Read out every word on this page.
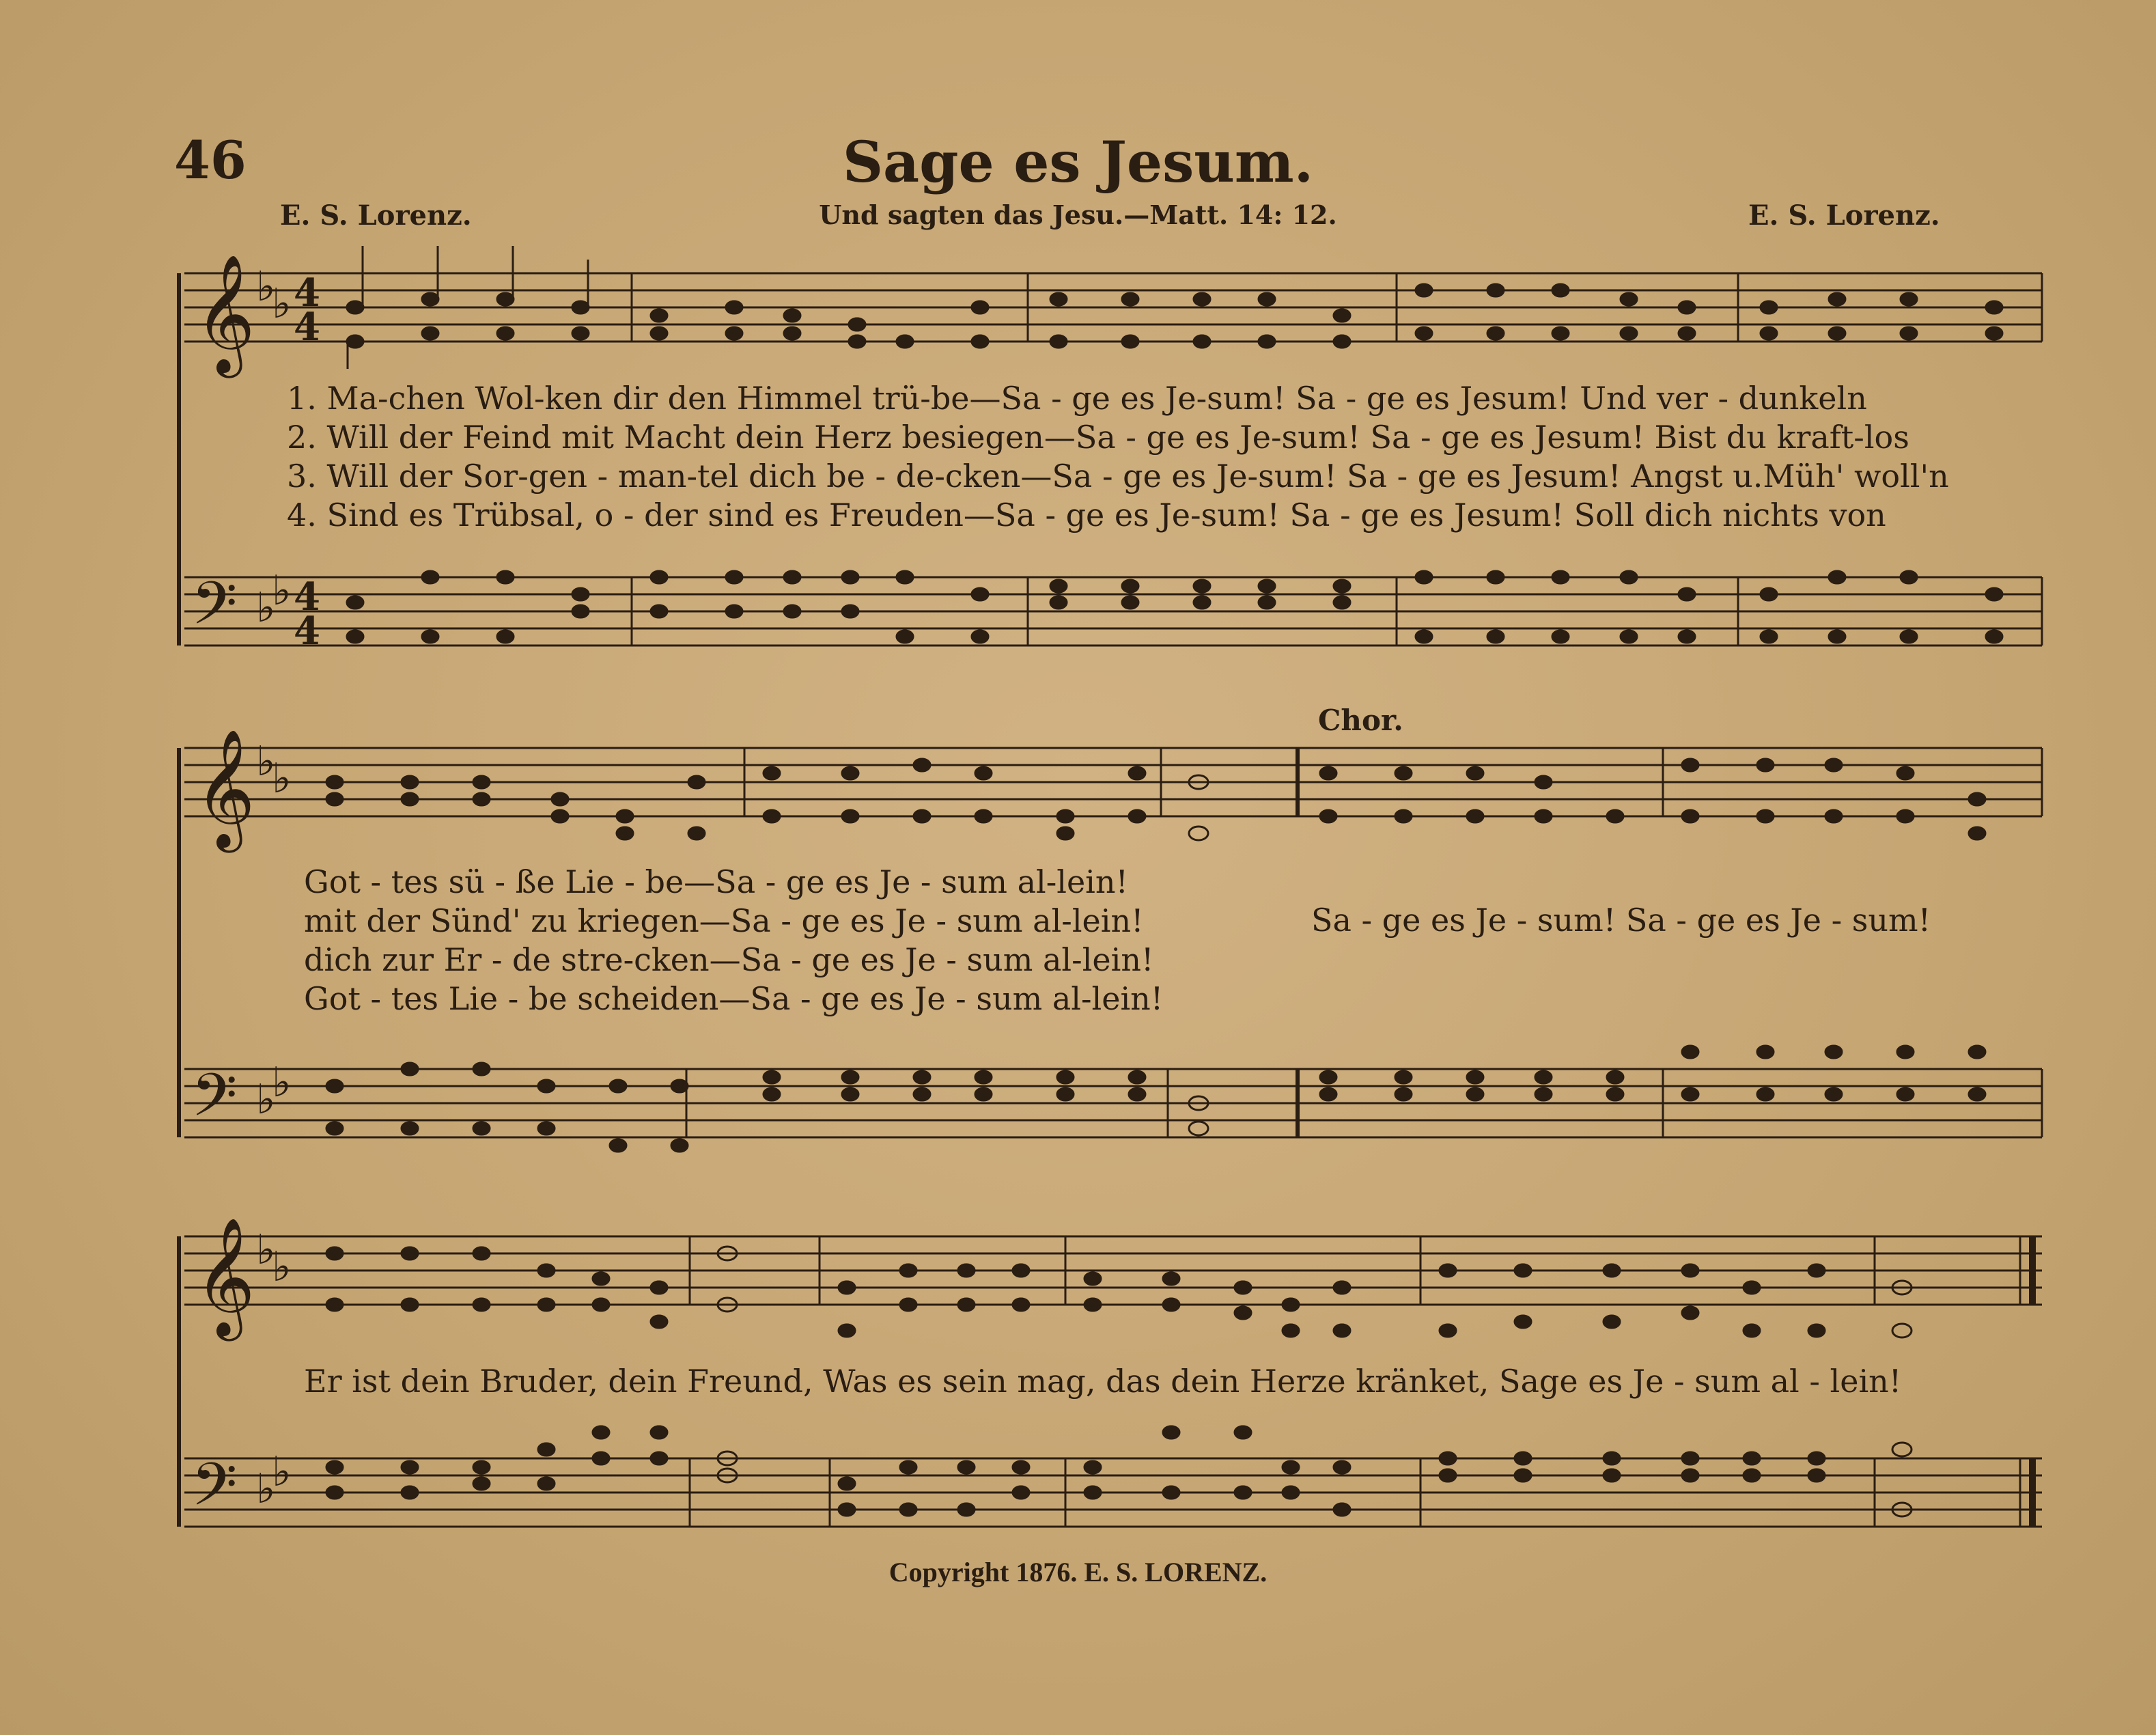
𝄞
𝄞
𝄞
𝄢
𝄢
𝄢
♭
♭
♭
♭
♭
♭
♭
♭
♭
♭
♭
♭
4
4
4
4
46	Sage es Jesum.
E. S. Lorenz.	Und sagten das Jesu.—Matt. 14: 12.	E. S. Lorenz.
1. Ma-chen Wol-ken dir den Himmel trü-be—Sa - ge es Je-sum! Sa - ge es Jesum! Und ver - dunkeln
2. Will der Feind mit Macht dein Herz besiegen—Sa - ge es Je-sum! Sa - ge es Jesum! Bist du kraft-los
3. Will der Sor-gen - man-tel dich be - de-cken—Sa - ge es Je-sum! Sa - ge es Jesum! Angst u.Müh' woll'n
4. Sind es Trübsal, o - der sind es Freuden—Sa - ge es Je-sum! Sa - ge es Jesum! Soll dich nichts von
Chor.
Got - tes sü - ße Lie - be—Sa - ge es Je - sum al-lein!
mit der Sünd' zu kriegen—Sa - ge es Je - sum al-lein!
dich zur Er - de stre-cken—Sa - ge es Je - sum al-lein!
Got - tes Lie - be scheiden—Sa - ge es Je - sum al-lein!
Sa - ge es Je - sum! Sa - ge es Je - sum!
Er ist dein Bruder, dein Freund, Was es sein mag, das dein Herze kränket, Sage es Je - sum al - lein!
Copyright 1876. E. S. LORENZ.
